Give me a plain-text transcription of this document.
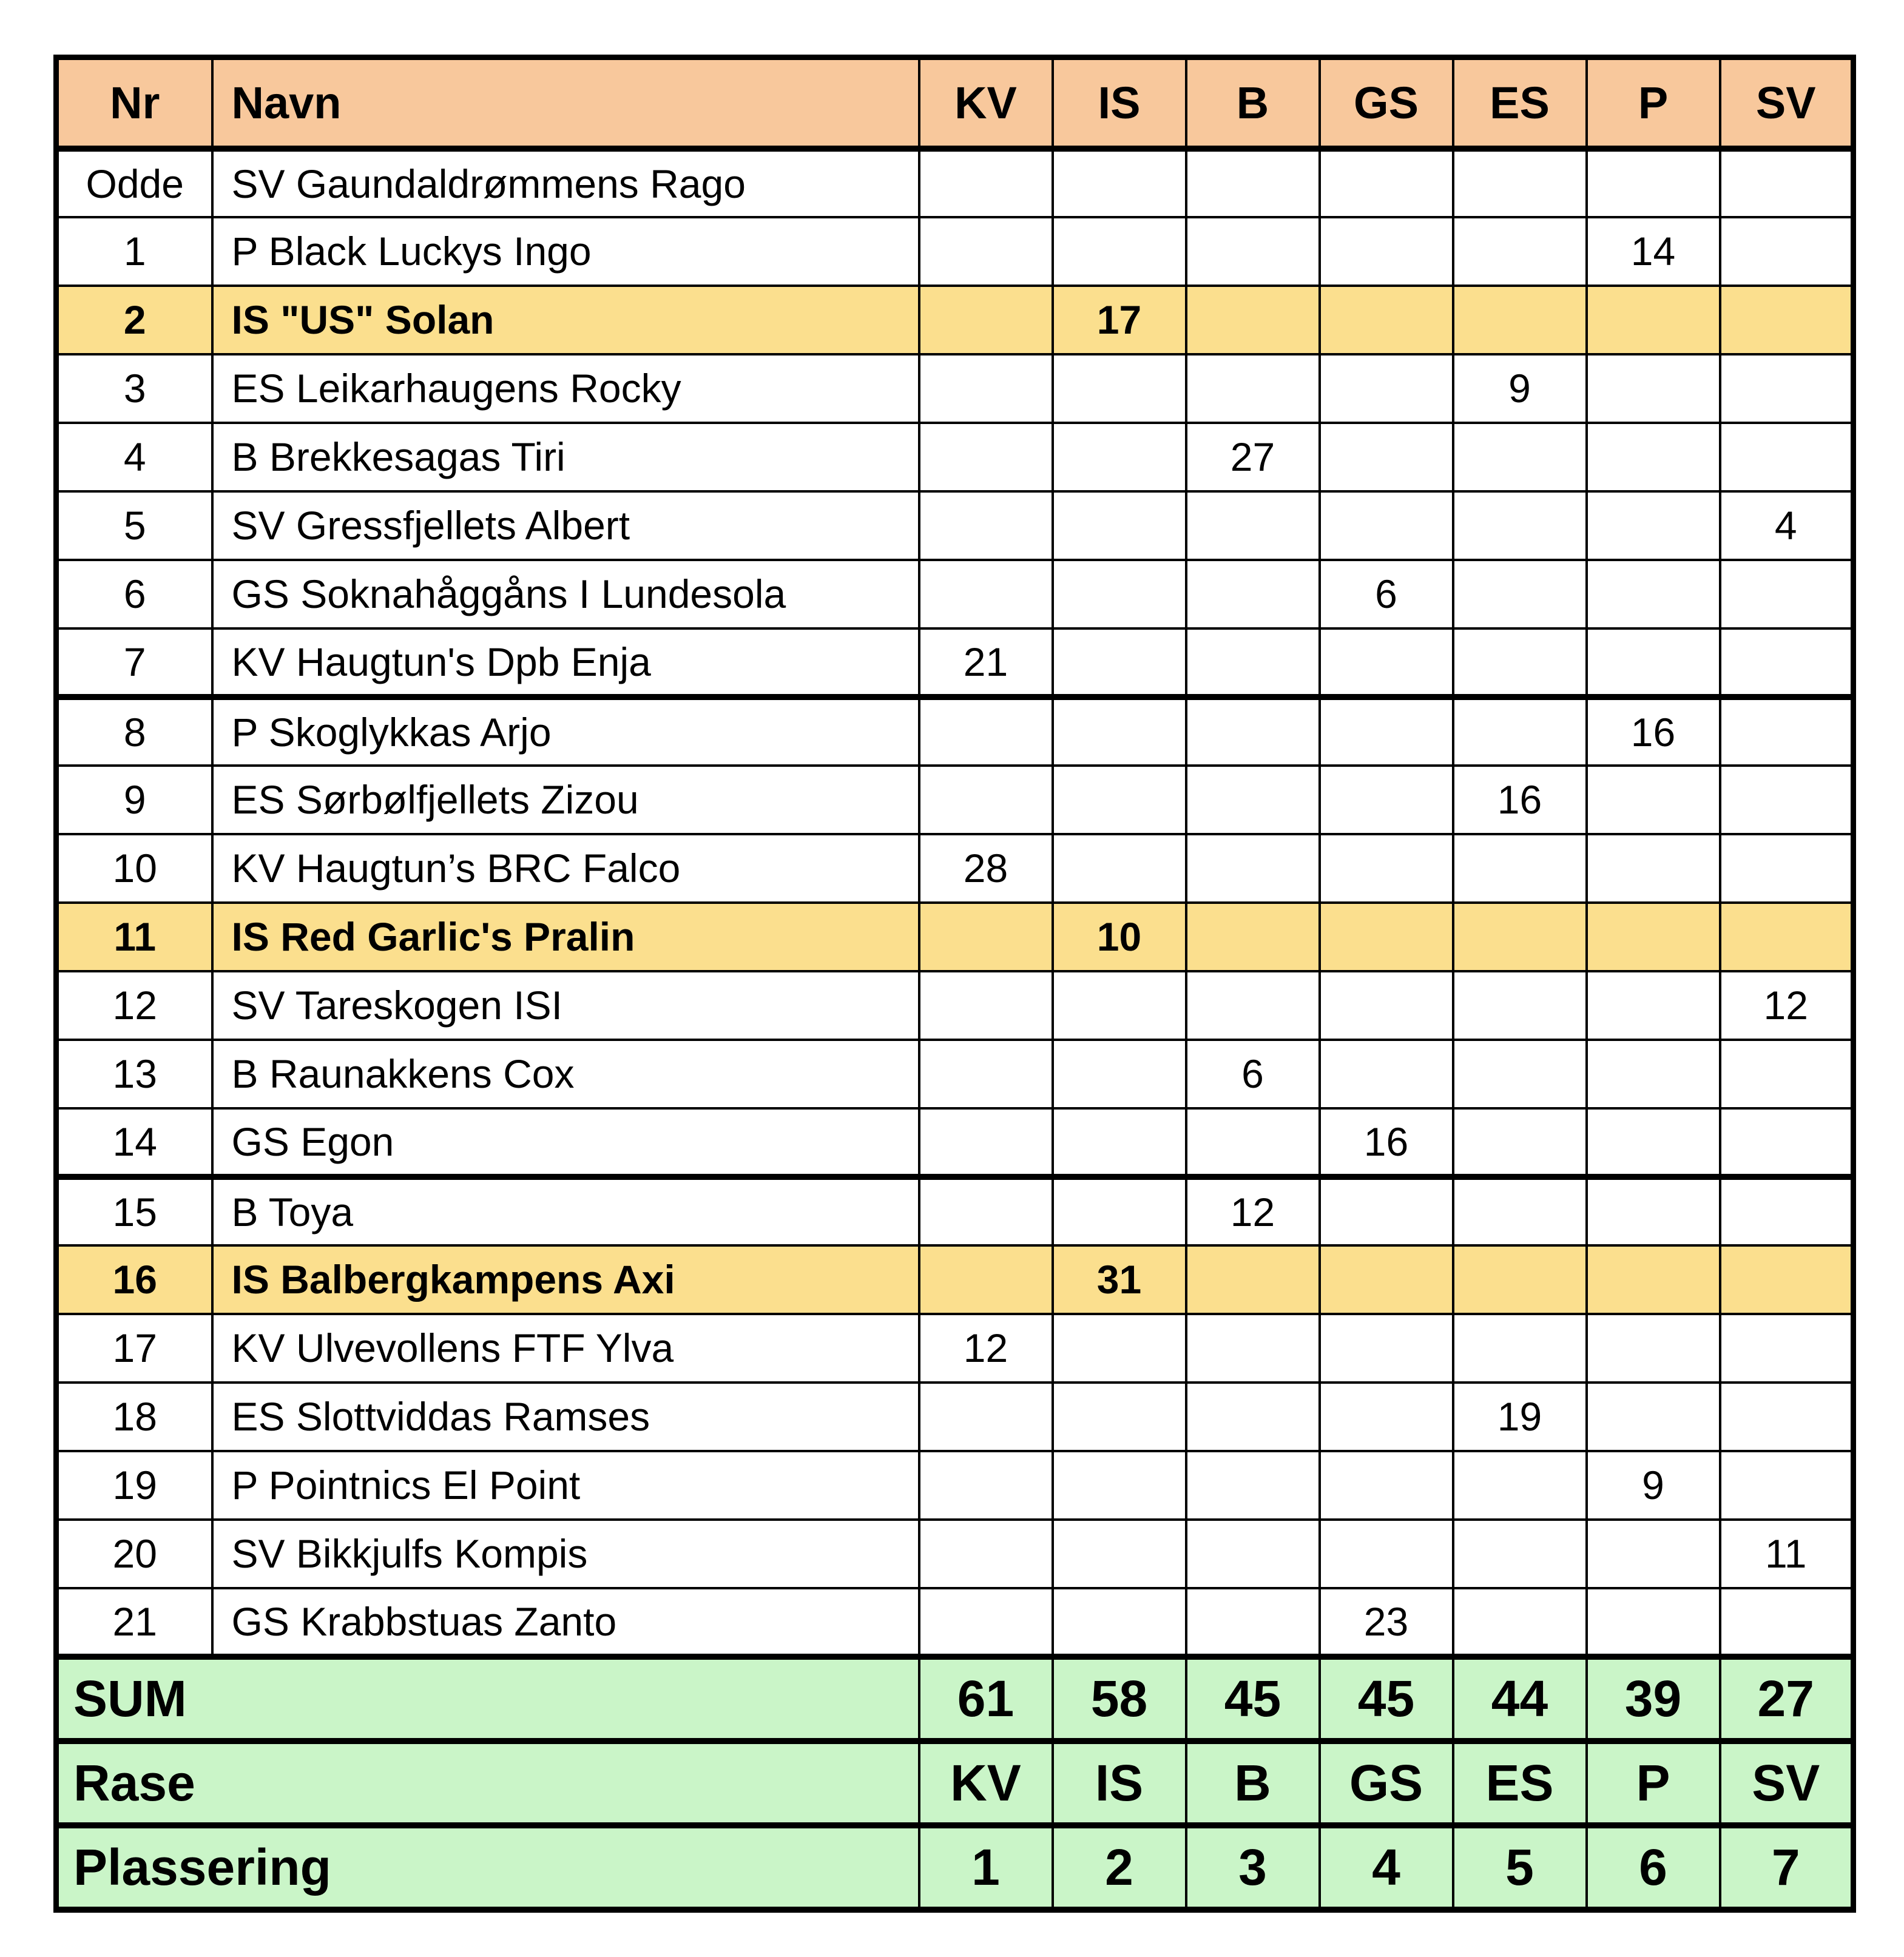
Nr	Navn	KV	IS	B	GS	ES	P	SV
Odde	SV Gaundaldrømmens Rago							
1	P Black Luckys Ingo						14	
2	IS "US" Solan		17					
3	ES Leikarhaugens Rocky					9		
4	B Brekkesagas Tiri			27				
5	SV Gressfjellets Albert							4
6	GS Soknahåggåns I Lundesola				6			
7	KV Haugtun's Dpb Enja	21						
8	P Skoglykkas Arjo						16	
9	ES Sørbølfjellets Zizou					16		
10	KV Haugtun’s BRC Falco	28						
11	IS Red Garlic's Pralin		10					
12	SV Tareskogen ISI							12
13	B Raunakkens Cox			6				
14	GS Egon				16			
15	B Toya			12				
16	IS Balbergkampens Axi		31					
17	KV Ulvevollens FTF Ylva	12						
18	ES Slottviddas Ramses					19		
19	P Pointnics El Point						9	
20	SV Bikkjulfs Kompis							11
21	GS Krabbstuas Zanto				23			
SUM		61	58	45	45	44	39	27
Rase		KV	IS	B	GS	ES	P	SV
Plassering		1	2	3	4	5	6	7
